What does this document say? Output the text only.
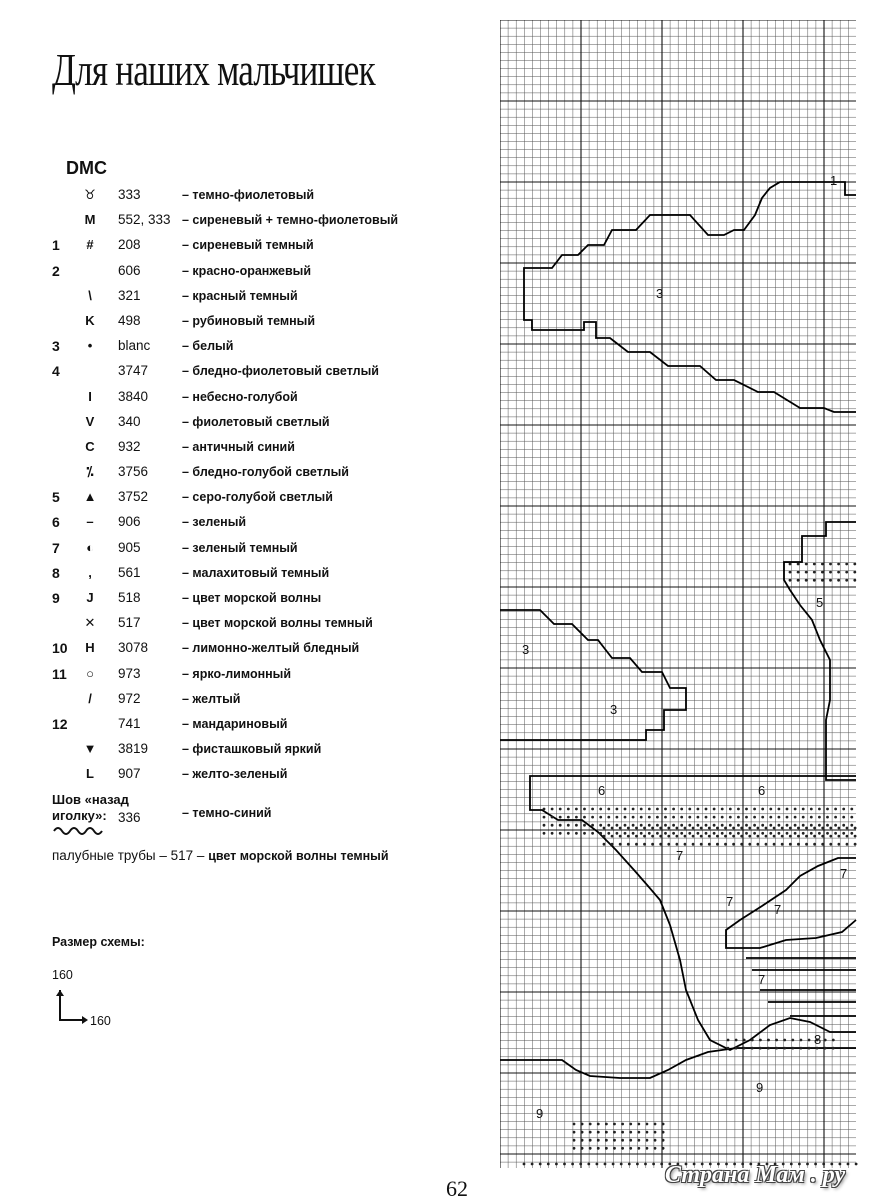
Для наших мальчишек
DMC
♉ 333	– темно-фиолетовый
M 552, 333 – сиреневый + темно-фиолетовый
1	#	208	– сиреневый темный
2	606	– красно-оранжевый
\	321	– красный темный
K 498	– рубиновый темный
3	•	blanc	– белый
4	3747	– бледно-фиолетовый светлый
I	3840	– небесно-голубой
V 340	– фиолетовый светлый
C 932	– античный синий
⁒	3756	– бледно-голубой светлый
5	▲ 3752	– серо-голубой светлый
6	–	906	– зеленый
7	◐	905	– зеленый темный
8	,	561	– малахитовый темный
9	J	518	– цвет морской волны
✕ 517	– цвет морской волны темный
10	H 3078	– лимонно-желтый бледный
11	○	973	– ярко-лимонный
/	972	– желтый
12	741	– мандариновый
▼ 3819	– фисташковый яркий
L 907	– желто-зеленый
Шов «назад иголку»: 336	– темно-синий
палубные трубы – 517 – цвет морской волны темный
Размер схемы:
160
160
1
3
3
3
5
6	6
7
7
7
7
8
9
9
7
62
Страна Мам . ру
